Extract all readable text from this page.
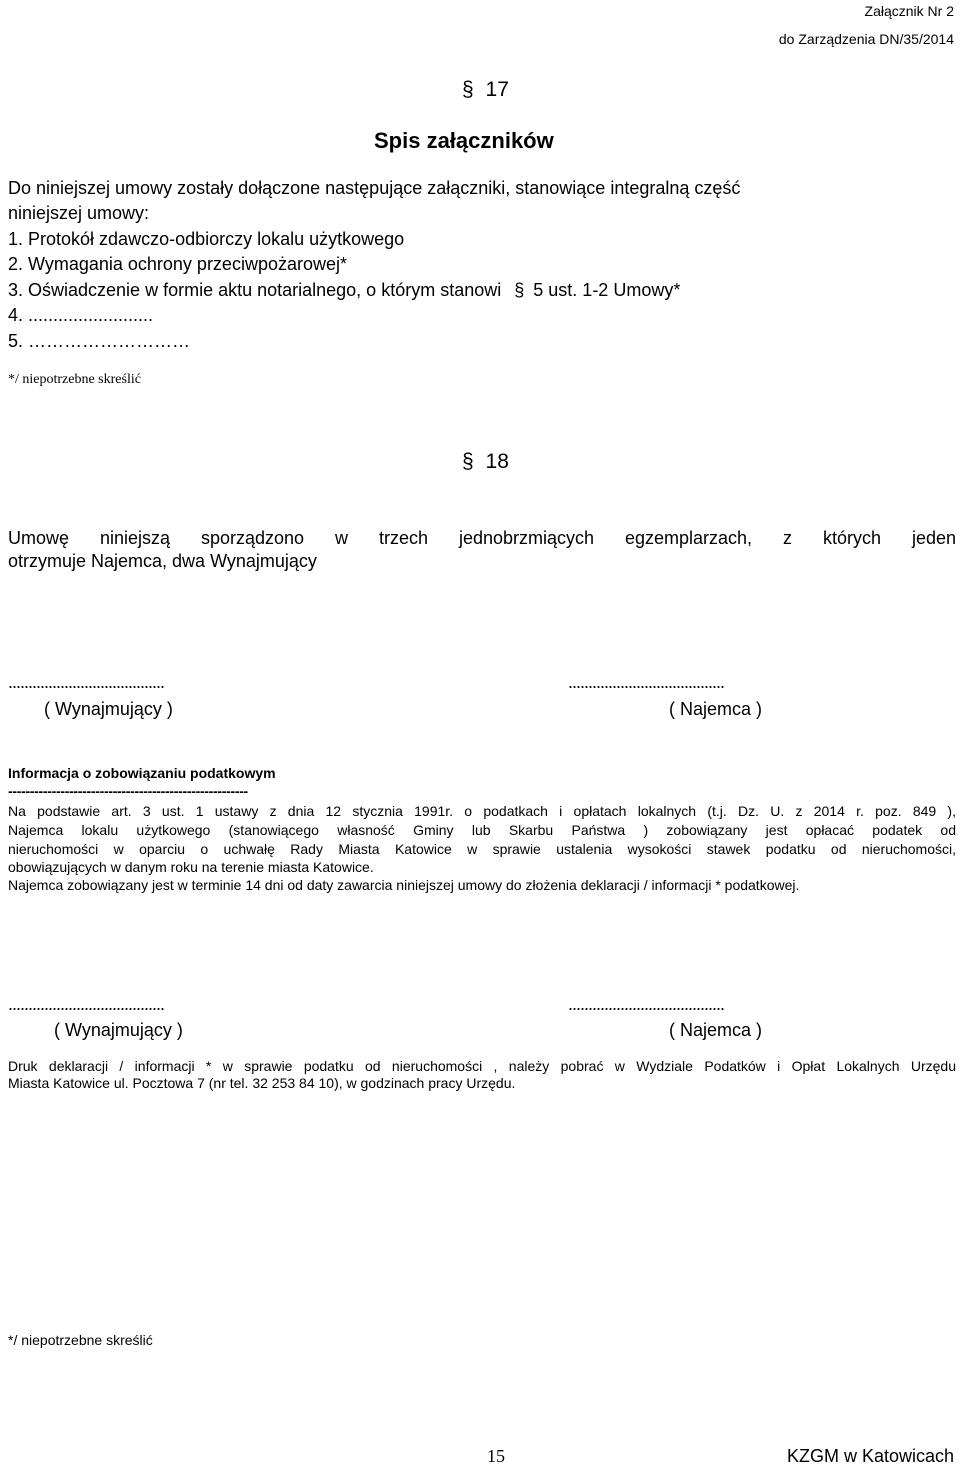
Załącznik Nr 2
do Zarządzenia DN/35/2014
§ 17
Spis załączników
Do niniejszej umowy zostały dołączone następujące załączniki, stanowiące integralną część
niniejszej umowy:
1. Protokół zdawczo-odbiorczy lokalu użytkowego
2. Wymagania ochrony przeciwpożarowej*
3. Oświadczenie w formie aktu notarialnego, o którym stanowi § 5 ust. 1-2 Umowy*
4. .........................
5. ………………………
*/ niepotrzebne skreślić
§ 18
Umowę niniejszą sporządzono w trzech jednobrzmiących egzemplarzach, z których jeden
otrzymuje Najemca, dwa Wynajmujący
.......................................	.......................................
( Wynajmujący )	( Najemca )
Informacja o zobowiązaniu podatkowym
-------------------------------------------------------
Na podstawie art. 3 ust. 1 ustawy z dnia 12 stycznia 1991r. o podatkach i opłatach lokalnych (t.j. Dz. U. z 2014 r. poz. 849 ),
Najemca lokalu użytkowego (stanowiącego własność Gminy lub Skarbu Państwa ) zobowiązany jest opłacać podatek od
nieruchomości w oparciu o uchwałę Rady Miasta Katowice w sprawie ustalenia wysokości stawek podatku od nieruchomości,
obowiązujących w danym roku na terenie miasta Katowice.
Najemca zobowiązany jest w terminie 14 dni od daty zawarcia niniejszej umowy do złożenia deklaracji / informacji * podatkowej.
.......................................	.......................................
( Wynajmujący )	( Najemca )
Druk deklaracji / informacji * w sprawie podatku od nieruchomości , należy pobrać w Wydziale Podatków i Opłat Lokalnych Urzędu
Miasta Katowice ul. Pocztowa 7 (nr tel. 32 253 84 10), w godzinach pracy Urzędu.
*/ niepotrzebne skreślić
15	KZGM w Katowicach
